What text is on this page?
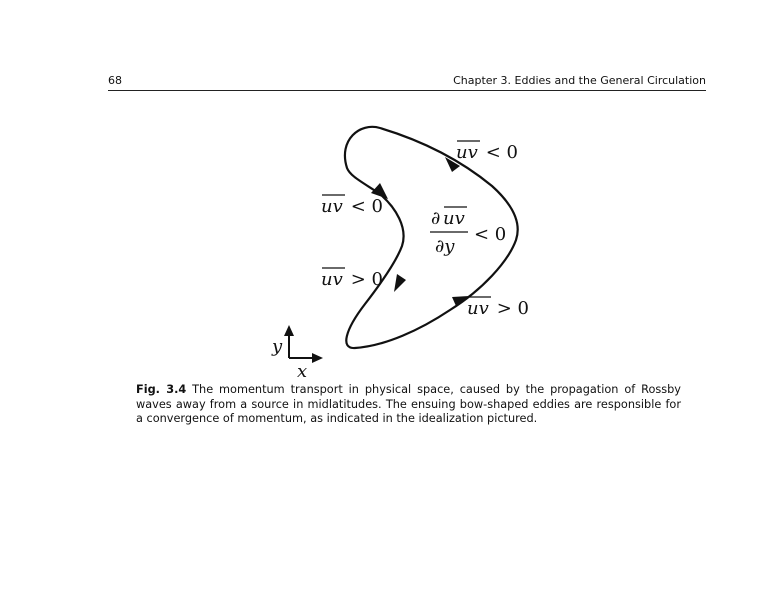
68	Chapter 3. Eddies and the General Circulation
uv < 0
uv < 0
∂ uv
∂y
< 0
uv > 0
uv > 0
y
x
Fig. 3.4 The momentum transport in physical space, caused by the propagation of Rossby waves away from a source in midlatitudes. The ensuing bow-shaped eddies are responsible for a convergence of momentum, as indicated in the idealization pictured.
